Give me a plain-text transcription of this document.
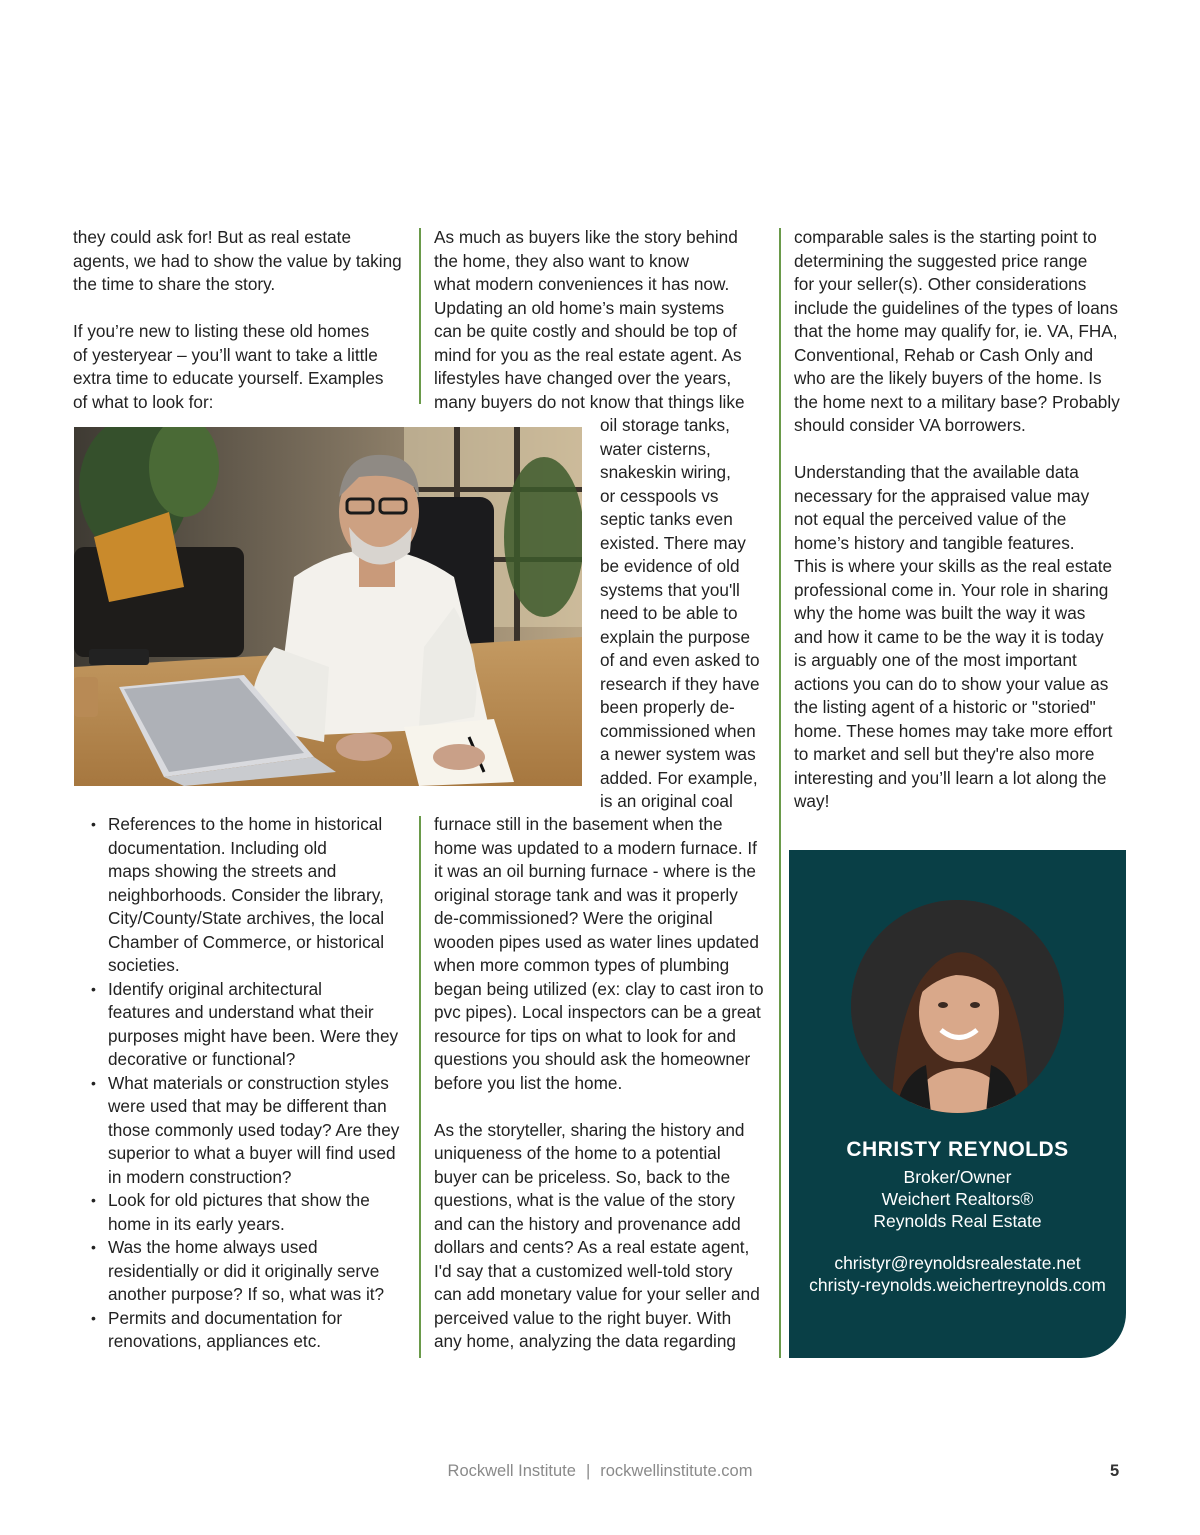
they could ask for! But as real estate
agents, we had to show the value by taking
the time to share the story.

If you’re new to listing these old homes
of yesteryear – you’ll want to take a little
extra time to educate yourself. Examples
of what to look for:

As much as buyers like the story behind
the home, they also want to know
what modern conveniences it has now.
Updating an old home’s main systems
can be quite costly and should be top of
mind for you as the real estate agent. As
lifestyles have changed over the years,
many buyers do not know that things like

oil storage tanks,
water cisterns,
snakeskin wiring,
or cesspools vs
septic tanks even
existed. There may
be evidence of old
systems that you'll
need to be able to
explain the purpose
of and even asked to
research if they have
been properly de-
commissioned when
a newer system was
added. For example,
is an original coal

furnace still in the basement when the
home was updated to a modern furnace. If
it was an oil burning furnace - where is the
original storage tank and was it properly
de-commissioned? Were the original
wooden pipes used as water lines updated
when more common types of plumbing
began being utilized (ex: clay to cast iron to
pvc pipes). Local inspectors can be a great
resource for tips on what to look for and
questions you should ask the homeowner
before you list the home.

As the storyteller, sharing the history and
uniqueness of the home to a potential
buyer can be priceless. So, back to the
questions, what is the value of the story
and can the history and provenance add
dollars and cents? As a real estate agent,
I'd say that a customized well-told story
can add monetary value for your seller and
perceived value to the right buyer. With
any home, analyzing the data regarding

• References to the home in historical
documentation. Including old
maps showing the streets and
neighborhoods. Consider the library,
City/County/State archives, the local
Chamber of Commerce, or historical
societies.
• Identify original architectural
features and understand what their
purposes might have been. Were they
decorative or functional?
• What materials or construction styles
were used that may be different than
those commonly used today? Are they
superior to what a buyer will find used
in modern construction?
• Look for old pictures that show the
home in its early years.
• Was the home always used
residentially or did it originally serve
another purpose? If so, what was it?
• Permits and documentation for
renovations, appliances etc.

comparable sales is the starting point to
determining the suggested price range
for your seller(s). Other considerations
include the guidelines of the types of loans
that the home may qualify for, ie. VA, FHA,
Conventional, Rehab or Cash Only and
who are the likely buyers of the home. Is
the home next to a military base? Probably
should consider VA borrowers.

Understanding that the available data
necessary for the appraised value may
not equal the perceived value of the
home’s history and tangible features.
This is where your skills as the real estate
professional come in. Your role in sharing
why the home was built the way it was
and how it came to be the way it is today
is arguably one of the most important
actions you can do to show your value as
the listing agent of a historic or "storied"
home. These homes may take more effort
to market and sell but they're also more
interesting and you’ll learn a lot along the
way!

CHRISTY REYNOLDS
Broker/Owner
Weichert Realtors®
Reynolds Real Estate
christyr@reynoldsrealestate.net
christy-reynolds.weichertreynolds.com
Rockwell Institute | rockwellinstitute.com	5
